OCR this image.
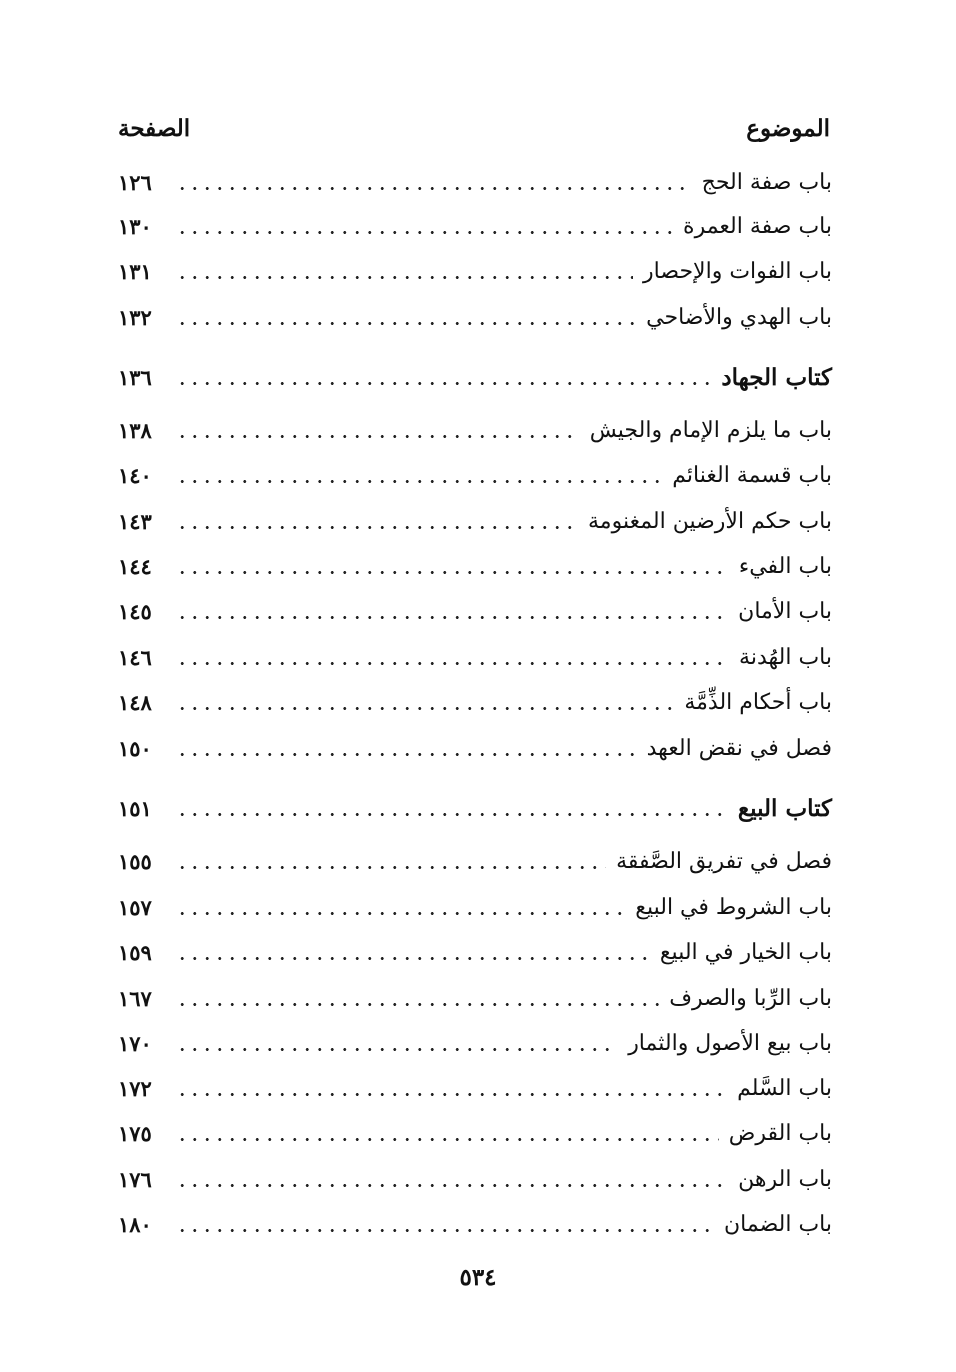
الموضوع
الصفحة
باب صفة الحج
١٢٦
باب صفة العمرة
١٣٠
باب الفوات والإحصار
١٣١
باب الهدي والأضاحي
١٣٢
كتاب الجهاد
١٣٦
باب ما يلزم الإمام والجيش
١٣٨
باب قسمة الغنائم
١٤٠
باب حكم الأرضين المغنومة
١٤٣
باب الفيء
١٤٤
باب الأمان
١٤٥
باب الهُدنة
١٤٦
باب أحكام الذِّمَّة
١٤٨
فصل في نقض العهد
١٥٠
كتاب البيع
١٥١
فصل في تفريق الصَّفقة
١٥٥
باب الشروط في البيع
١٥٧
باب الخيار في البيع
١٥٩
باب الرِّبا والصرف
١٦٧
باب بيع الأصول والثمار
١٧٠
باب السَّلم
١٧٢
باب القرض
١٧٥
باب الرهن
١٧٦
باب الضمان
١٨٠
٥٣٤
